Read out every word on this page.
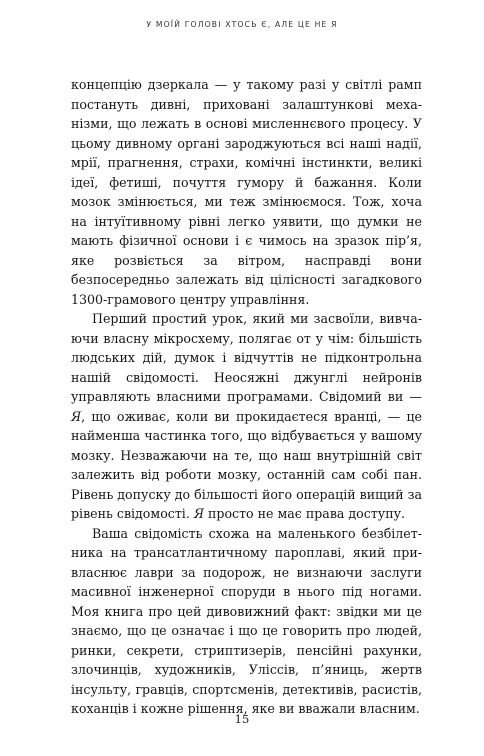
У МОЇЙ ГОЛОВІ ХТОСЬ Є, АЛЕ ЦЕ НЕ Я

концепцію дзеркала — у такому разі у світлі рамп постануть дивні, приховані залаштункові механізми, що лежать в основі мисленнєвого процесу. У цьому дивному органі зароджуються всі наші надії, мрії, прагнення, страхи, комічні інстинкти, великі ідеї, фетиші, почуття гумору й бажання. Коли мозок змінюється, ми теж змінюємося. Тож, хоча на інтуїтивному рівні легко уявити, що думки не мають фізичної основи і є чимось на зразок пір’я, яке розвіється за вітром, насправді вони безпосередньо залежать від цілісності загадкового 1300-грамового центру управління.

Перший простий урок, який ми засвоїли, вивчаючи власну мікросхему, полягає от у чім: більшість людських дій, думок і відчуттів не підконтрольна нашій свідомості. Неосяжні джунглі нейронів управляють власними програмами. Свідомий ви — Я, що оживає, коли ви прокидаєтеся вранці, — це найменша частинка того, що відбувається у вашому мозку. Незважаючи на те, що наш внутрішній світ залежить від роботи мозку, останній сам собі пан. Рівень допуску до більшості його операцій вищий за рівень свідомості. Я просто не має права доступу.

Ваша свідомість схожа на маленького безбілетника на трансатлантичному пароплаві, який привласнює лаври за подорож, не визнаючи заслуги масивної інженерної споруди в нього під ногами. Моя книга про цей дивовижний факт: звідки ми це знаємо, що це означає і що це говорить про людей, ринки, секрети, стриптизерів, пенсійні рахунки, злочинців, художників, Уліссів, п’яниць, жертв інсульту, гравців, спортсменів, детективів, расистів, коханців і кожне рішення, яке ви вважали власним.

15
